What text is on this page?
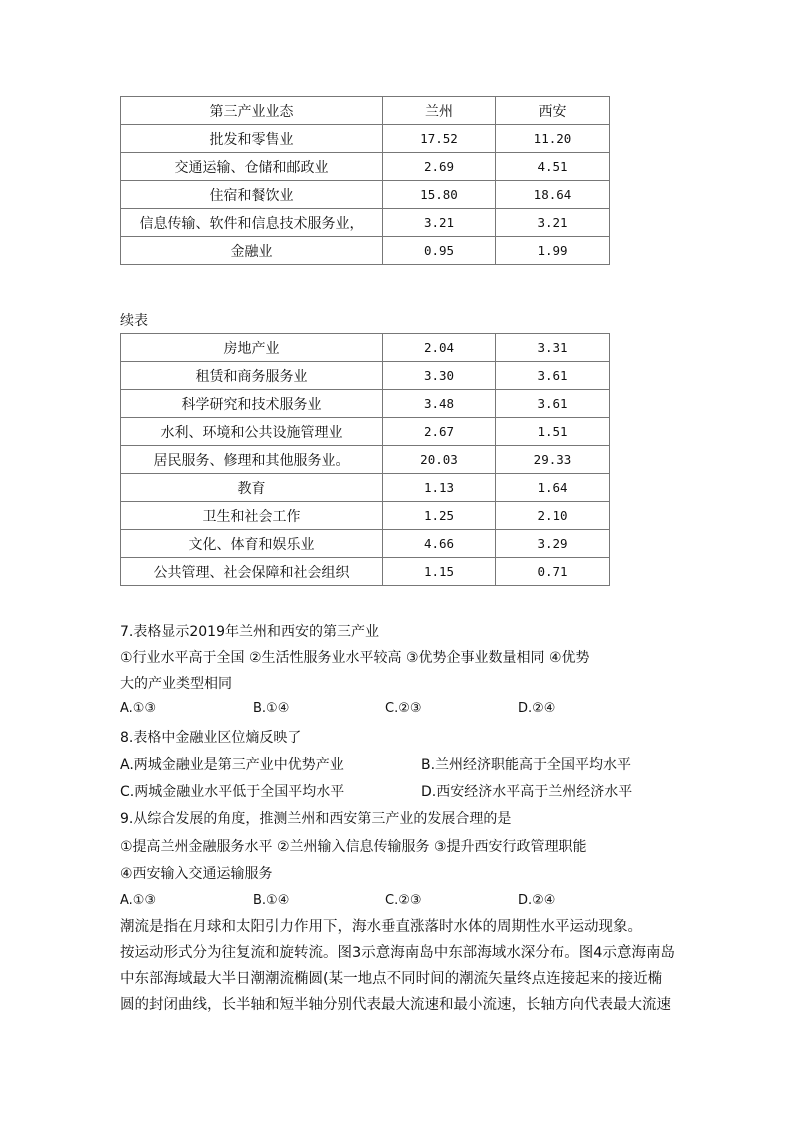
第三产业业态	兰州	西安
批发和零售业	17.52	11.20
交通运输、仓储和邮政业	2.69	4.51
住宿和餐饮业	15.80	18.64
信息传输、软件和信息技术服务业，	3.21	3.21
金融业	0.95	1.99
续表
房地产业	2.04	3.31
租赁和商务服务业	3.30	3.61
科学研究和技术服务业	3.48	3.61
水利、环境和公共设施管理业	2.67	1.51
居民服务、修理和其他服务业。	20.03	29.33
教育	1.13	1.64
卫生和社会工作	1.25	2.10
文化、体育和娱乐业	4.66	3.29
公共管理、社会保障和社会组织	1.15	0.71
7.表格显示2019年兰州和西安的第三产业
①行业水平高于全国 ②生活性服务业水平较高 ③优势企事业数量相同 ④优势
大的产业类型相同
A.①③	B.①④	C.②③	D.②④
8.表格中金融业区位熵反映了
A.两城金融业是第三产业中优势产业	B.兰州经济职能高于全国平均水平
C.两城金融业水平低于全国平均水平	D.西安经济水平高于兰州经济水平
9.从综合发展的角度，推测兰州和西安第三产业的发展合理的是
①提高兰州金融服务水平 ②兰州输入信息传输服务 ③提升西安行政管理职能
④西安输入交通运输服务
A.①③	B.①④	C.②③	D.②④

潮流是指在月球和太阳引力作用下，海水垂直涨落时水体的周期性水平运动现象。

按运动形式分为往复流和旋转流。图3示意海南岛中东部海域水深分布。图4示意海南岛

中东部海域最大半日潮潮流椭圆(某一地点不同时间的潮流矢量终点连接起来的接近椭

圆的封闭曲线，长半轴和短半轴分别代表最大流速和最小流速，长轴方向代表最大流速
